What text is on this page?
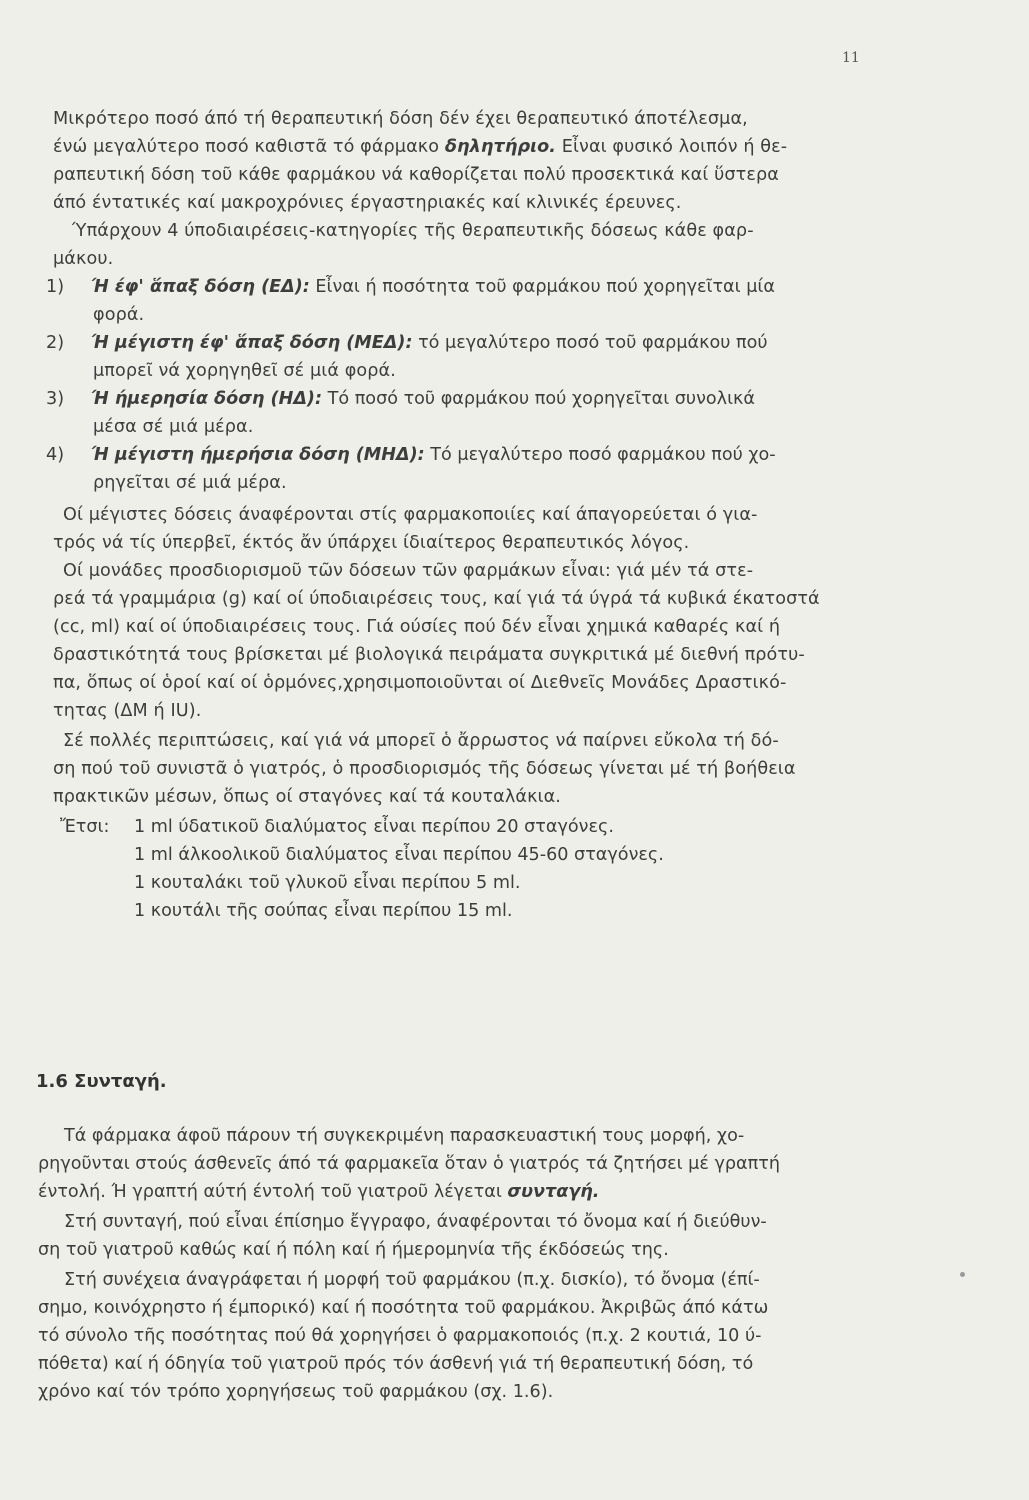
11
Μικρότερο ποσό άπό τή θεραπευτική δόση δέν έχει θεραπευτικό άποτέλεσμα,
ένώ μεγαλύτερο ποσό καθιστᾶ τό φάρμακο δηλητήριο. Εἶναι φυσικό λοιπόν ή θε-
ραπευτική δόση τοῦ κάθε φαρμάκου νά καθορίζεται πολύ προσεκτικά καί ὕστερα
άπό έντατικές καί μακροχρόνιες έργαστηριακές καί κλινικές έρευνες.
Ύπάρχουν 4 ύποδιαιρέσεις-κατηγορίες τῆς θεραπευτικῆς δόσεως κάθε φαρ-
μάκου.
1) Ή έφ' ἅπαξ δόση (ΕΔ): Εἶναι ή ποσότητα τοῦ φαρμάκου πού χορηγεῖται μία
φορά.
2) Ή μέγιστη έφ' ἅπαξ δόση (ΜΕΔ): τό μεγαλύτερο ποσό τοῦ φαρμάκου πού
μπορεῖ νά χορηγηθεῖ σέ μιά φορά.
3) Ή ήμερησία δόση (ΗΔ): Τό ποσό τοῦ φαρμάκου πού χορηγεῖται συνολικά
μέσα σέ μιά μέρα.
4) Ή μέγιστη ήμερήσια δόση (ΜΗΔ): Τό μεγαλύτερο ποσό φαρμάκου πού χο-
ρηγεῖται σέ μιά μέρα.
Οί μέγιστες δόσεις άναφέρονται στίς φαρμακοποιίες καί άπαγορεύεται ό για-
τρός νά τίς ύπερβεῖ, έκτός ἄν ύπάρχει ίδιαίτερος θεραπευτικός λόγος.
Οί μονάδες προσδιορισμοῦ τῶν δόσεων τῶν φαρμάκων εἶναι: γιά μέν τά στε-
ρεά τά γραμμάρια (g) καί οί ύποδιαιρέσεις τους, καί γιά τά ύγρά τά κυβικά έκατοστά
(cc, ml) καί οί ύποδιαιρέσεις τους. Γιά ούσίες πού δέν εἶναι χημικά καθαρές καί ή
δραστικότητά τους βρίσκεται μέ βιολογικά πειράματα συγκριτικά μέ διεθνή πρότυ-
πα, ὅπως οί ὁροί καί οί ὁρμόνες,χρησιμοποιοῦνται οί Διεθνεῖς Μονάδες Δραστικό-
τητας (ΔΜ ή IU).
Σέ πολλές περιπτώσεις, καί γιά νά μπορεῖ ὁ ἄρρωστος νά παίρνει εὔκολα τή δό-
ση πού τοῦ συνιστᾶ ὁ γιατρός, ὁ προσδιορισμός τῆς δόσεως γίνεται μέ τή βοήθεια
πρακτικῶν μέσων, ὅπως οί σταγόνες καί τά κουταλάκια.
Ἔτσι: 1 ml ύδατικοῦ διαλύματος εἶναι περίπου 20 σταγόνες.
1 ml άλκοολικοῦ διαλύματος εἶναι περίπου 45-60 σταγόνες.
1 κουταλάκι τοῦ γλυκοῦ εἶναι περίπου 5 ml.
1 κουτάλι τῆς σούπας εἶναι περίπου 15 ml.
1.6 Συνταγή.
Τά φάρμακα άφοῦ πάρουν τή συγκεκριμένη παρασκευαστική τους μορφή, χο-
ρηγοῦνται στούς άσθενεῖς άπό τά φαρμακεῖα ὅταν ὁ γιατρός τά ζητήσει μέ γραπτή
έντολή. Ή γραπτή αύτή έντολή τοῦ γιατροῦ λέγεται συνταγή.
Στή συνταγή, πού εἶναι έπίσημο ἔγγραφο, άναφέρονται τό ὄνομα καί ή διεύθυν-
ση τοῦ γιατροῦ καθώς καί ή πόλη καί ή ήμερομηνία τῆς έκδόσεώς της.
Στή συνέχεια άναγράφεται ή μορφή τοῦ φαρμάκου (π.χ. δισκίο), τό ὄνομα (έπί-
σημο, κοινόχρηστο ή έμπορικό) καί ή ποσότητα τοῦ φαρμάκου. Ἀκριβῶς άπό κάτω
τό σύνολο τῆς ποσότητας πού θά χορηγήσει ὁ φαρμακοποιός (π.χ. 2 κουτιά, 10 ύ-
πόθετα) καί ή όδηγία τοῦ γιατροῦ πρός τόν άσθενή γιά τή θεραπευτική δόση, τό
χρόνο καί τόν τρόπο χορηγήσεως τοῦ φαρμάκου (σχ. 1.6).
